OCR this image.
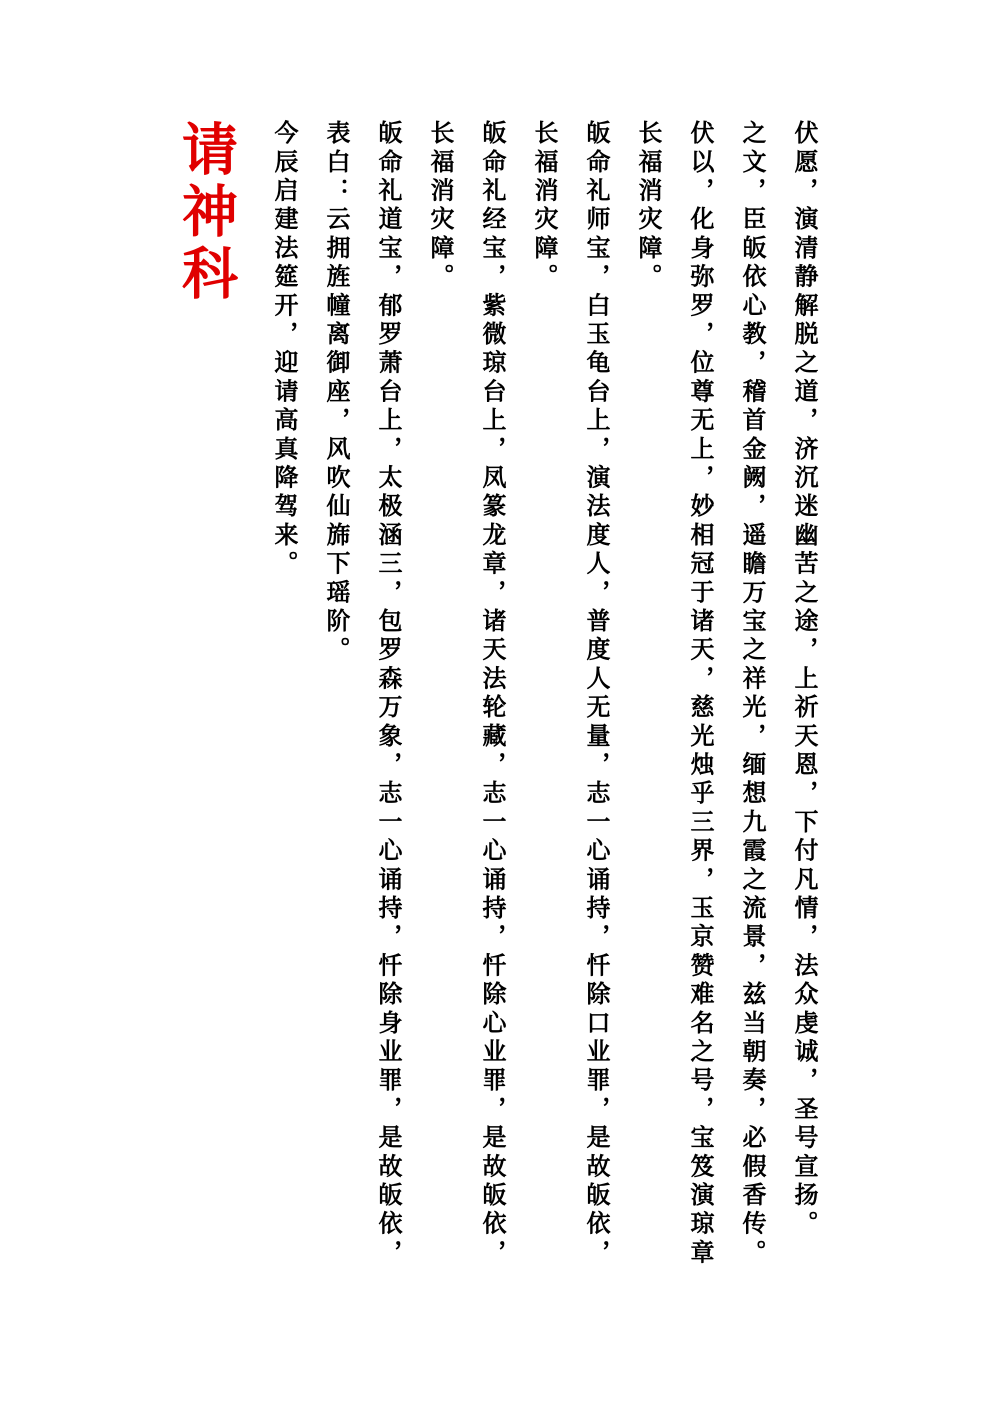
请神科	伏愿，演清静解脱之道，济沉迷幽苦之途，上祈天恩，下付凡情，法众虔诚，圣号宣扬。
之文，臣皈依心教，稽首金阙，遥瞻万宝之祥光，缅想九霞之流景，兹当朝奏，必假香传。
伏以，化身弥罗，位尊无上，妙相冠于诸天，慈光烛乎三界，玉京赞难名之号，宝笈演琼章
长福消灾障。
皈命礼师宝，白玉龟台上，演法度人，普度人无量，志一心诵持，忏除口业罪，是故皈依，
长福消灾障。
皈命礼经宝，紫微琼台上，凤篆龙章，诸天法轮藏，志一心诵持，忏除心业罪，是故皈依，
长福消灾障。
皈命礼道宝，郁罗萧台上，太极涵三，包罗森万象，志一心诵持，忏除身业罪，是故皈依，
表白：云拥旌幢离御座，风吹仙旆下瑶阶。
今辰启建法筵开，迎请高真降驾来。
